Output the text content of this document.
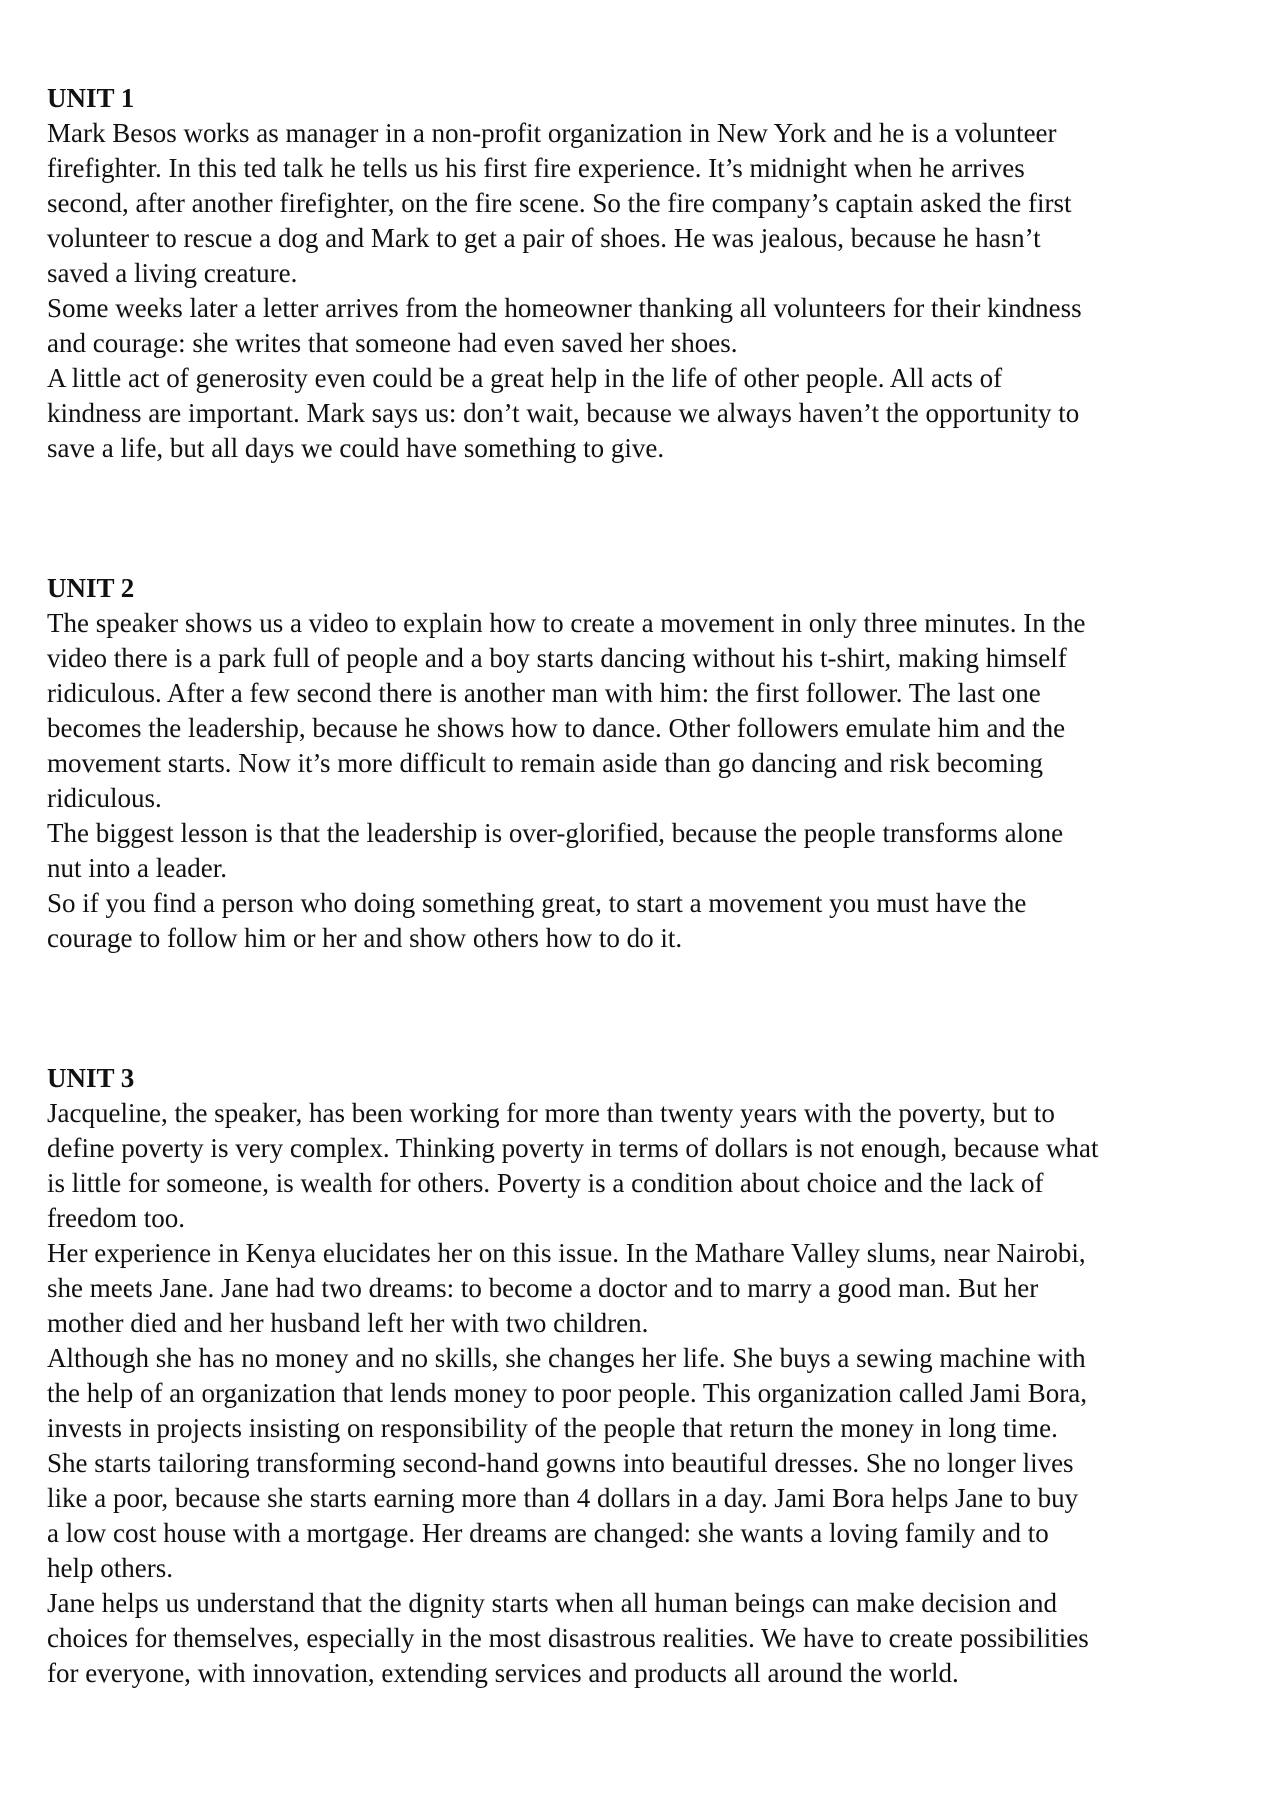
UNIT 1

Mark Besos works as manager in a non-profit organization in New York and he is a volunteer

firefighter. In this ted talk he tells us his first fire experience. It’s midnight when he arrives

second, after another firefighter, on the fire scene. So the fire company’s captain asked the first

volunteer to rescue a dog and Mark to get a pair of shoes. He was jealous, because he hasn’t

saved a living creature.

Some weeks later a letter arrives from the homeowner thanking all volunteers for their kindness

and courage: she writes that someone had even saved her shoes.

A little act of generosity even could be a great help in the life of other people. All acts of

kindness are important. Mark says us: don’t wait, because we always haven’t the opportunity to

save a life, but all days we could have something to give.

UNIT 2

The speaker shows us a video to explain how to create a movement in only three minutes. In the

video there is a park full of people and a boy starts dancing without his t-shirt, making himself

ridiculous. After a few second there is another man with him: the first follower. The last one

becomes the leadership, because he shows how to dance. Other followers emulate him and the

movement starts. Now it’s more difficult to remain aside than go dancing and risk becoming

ridiculous.

The biggest lesson is that the leadership is over-glorified, because the people transforms alone

nut into a leader.

So if you find a person who doing something great, to start a movement you must have the

courage to follow him or her and show others how to do it.

UNIT 3

Jacqueline, the speaker, has been working for more than twenty years with the poverty, but to

define poverty is very complex. Thinking poverty in terms of dollars is not enough, because what

is little for someone, is wealth for others. Poverty is a condition about choice and the lack of

freedom too.

Her experience in Kenya elucidates her on this issue. In the Mathare Valley slums, near Nairobi,

she meets Jane. Jane had two dreams: to become a doctor and to marry a good man. But her

mother died and her husband left her with two children.

Although she has no money and no skills, she changes her life. She buys a sewing machine with

the help of an organization that lends money to poor people. This organization called Jami Bora,

invests in projects insisting on responsibility of the people that return the money in long time.

She starts tailoring transforming second-hand gowns into beautiful dresses. She no longer lives

like a poor, because she starts earning more than 4 dollars in a day. Jami Bora helps Jane to buy

a low cost house with a mortgage. Her dreams are changed: she wants a loving family and to

help others.

Jane helps us understand that the dignity starts when all human beings can make decision and

choices for themselves, especially in the most disastrous realities. We have to create possibilities

for everyone, with innovation, extending services and products all around the world.
